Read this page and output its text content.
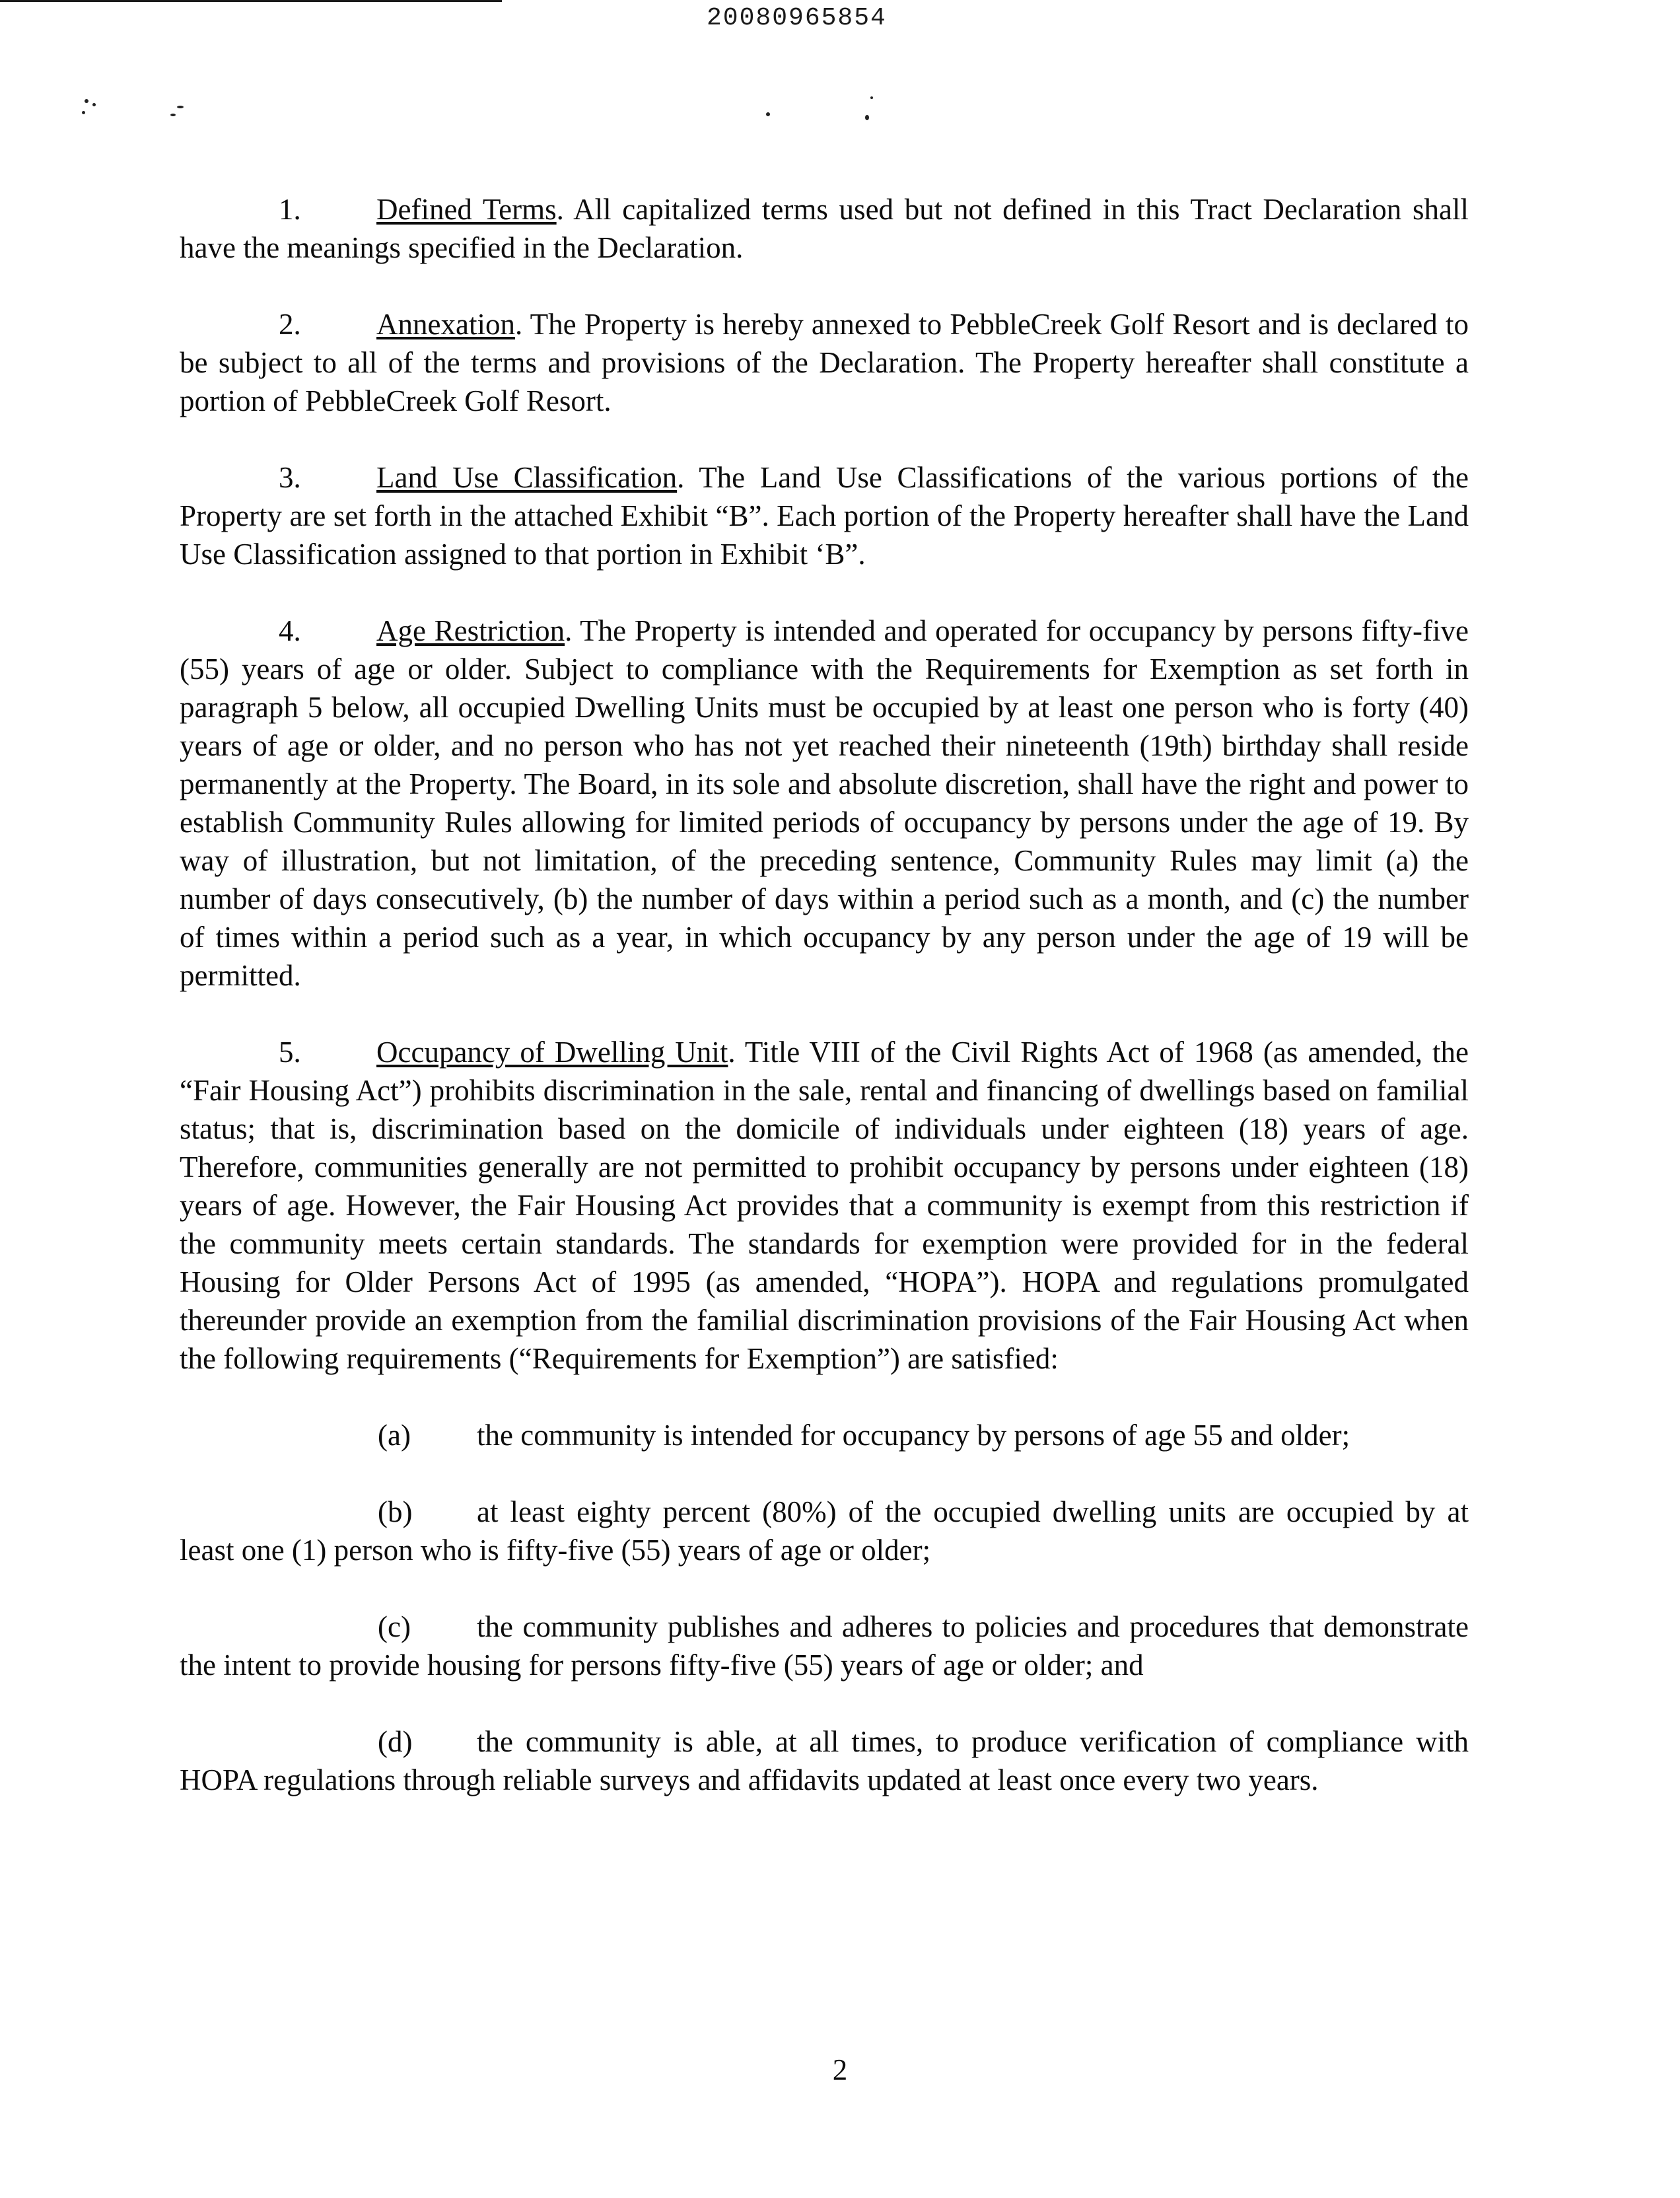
20080965854

1.	Defined Terms. All capitalized terms used but not defined in this Tract Declaration shall have the meanings specified in the Declaration.

2.	Annexation. The Property is hereby annexed to PebbleCreek Golf Resort and is declared to be subject to all of the terms and provisions of the Declaration. The Property hereafter shall constitute a portion of PebbleCreek Golf Resort.

3.	Land Use Classification. The Land Use Classifications of the various portions of the Property are set forth in the attached Exhibit “B”. Each portion of the Property hereafter shall have the Land Use Classification assigned to that portion in Exhibit ‘B”.

4.	Age Restriction. The Property is intended and operated for occupancy by persons fifty-five (55) years of age or older. Subject to compliance with the Requirements for Exemption as set forth in paragraph 5 below, all occupied Dwelling Units must be occupied by at least one person who is forty (40) years of age or older, and no person who has not yet reached their nineteenth (19th) birthday shall reside permanently at the Property. The Board, in its sole and absolute discretion, shall have the right and power to establish Community Rules allowing for limited periods of occupancy by persons under the age of 19. By way of illustration, but not limitation, of the preceding sentence, Community Rules may limit (a) the number of days consecutively, (b) the number of days within a period such as a month, and (c) the number of times within a period such as a year, in which occupancy by any person under the age of 19 will be permitted.

5.	Occupancy of Dwelling Unit. Title VIII of the Civil Rights Act of 1968 (as amended, the “Fair Housing Act”) prohibits discrimination in the sale, rental and financing of dwellings based on familial status; that is, discrimination based on the domicile of individuals under eighteen (18) years of age. Therefore, communities generally are not permitted to prohibit occupancy by persons under eighteen (18) years of age. However, the Fair Housing Act provides that a community is exempt from this restriction if the community meets certain standards. The standards for exemption were provided for in the federal Housing for Older Persons Act of 1995 (as amended, “HOPA”). HOPA and regulations promulgated thereunder provide an exemption from the familial discrimination provisions of the Fair Housing Act when the following requirements (“Requirements for Exemption”) are satisfied:

(a) the community is intended for occupancy by persons of age 55 and older;

(b) at least eighty percent (80%) of the occupied dwelling units are occupied by at least one (1) person who is fifty-five (55) years of age or older;

(c) the community publishes and adheres to policies and procedures that demonstrate the intent to provide housing for persons fifty-five (55) years of age or older; and

(d) the community is able, at all times, to produce verification of compliance with HOPA regulations through reliable surveys and affidavits updated at least once every two years.

2
